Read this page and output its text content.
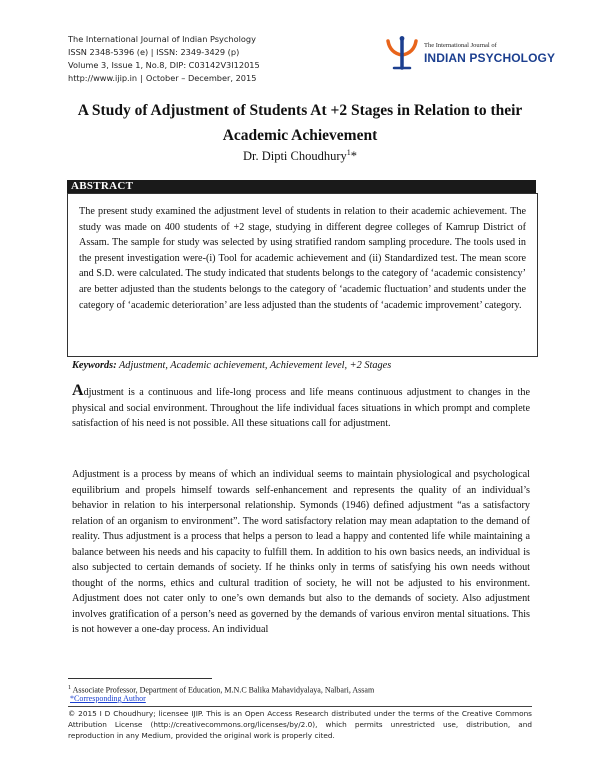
The International Journal of Indian Psychology
ISSN 2348-5396 (e) | ISSN: 2349-3429 (p)
Volume 3, Issue 1, No.8, DIP: C03142V3I12015
http://www.ijip.in | October – December, 2015
The International Journal of
INDIAN PSYCHOLOGY
A Study of Adjustment of Students At +2 Stages in Relation to their
Academic Achievement
Dr. Dipti Choudhury$^1$*
ABSTRACT
The present study examined the adjustment level of students in relation to their academic achievement. The study was made on 400 students of +2 stage, studying in different degree colleges of Kamrup District of Assam. The sample for study was selected by using stratified random sampling procedure. The tools used in the present investigation were-(i) Tool for academic achievement and (ii) Standardized test. The mean score and S.D. were calculated. The study indicated that students belongs to the category of ‘academic consistency’ are better adjusted than the students belongs to the category of ‘academic fluctuation’ and students under the category of ‘academic deterioration’ are less adjusted than the students of ‘academic improvement’ category.
Keywords: Adjustment, Academic achievement, Achievement level, +2 Stages
Adjustment is a continuous and life-long process and life means continuous adjustment to changes in the physical and social environment. Throughout the life individual faces situations in which prompt and complete satisfaction of his need is not possible. All these situations call for adjustment.
Adjustment is a process by means of which an individual seems to maintain physiological and psychological equilibrium and propels himself towards self-enhancement and represents the quality of an individual’s behavior in relation to his interpersonal relationship. Symonds (1946) defined adjustment “as a satisfactory relation of an organism to environment”. The word satisfactory relation may mean adaptation to the demand of reality. Thus adjustment is a process that helps a person to lead a happy and contented life while maintaining a balance between his needs and his capacity to fulfill them. In addition to his own basics needs, an individual is also subjected to certain demands of society. If he thinks only in terms of satisfying his own needs without thought of the norms, ethics and cultural tradition of society, he will not be adjusted to his environment. Adjustment does not cater only to one’s own demands but also to the demands of society. Also adjustment involves gratification of a person’s need as governed by the demands of various environ mental situations. This is not however a one-day process. An individual
$^1$ Associate Professor, Department of Education, M.N.C Balika Mahavidyalaya, Nalbari, Assam
*Corresponding Author
© 2015 I D Choudhury; licensee IJIP. This is an Open Access Research distributed under the terms of the Creative Commons Attribution License (http://creativecommons.org/licenses/by/2.0), which permits unrestricted use, distribution, and reproduction in any Medium, provided the original work is properly cited.
